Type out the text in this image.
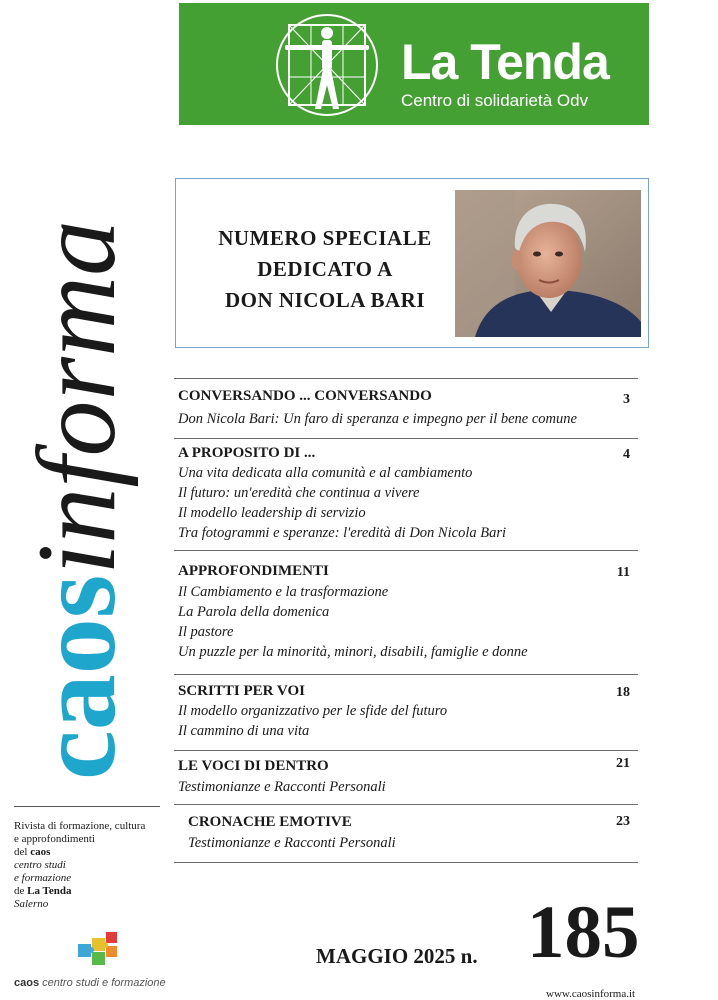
La Tenda
Centro di solidarietà Odv
caosinforma	NUMERO SPECIALE
DEDICATO A
DON NICOLA BARI
CONVERSANDO ... CONVERSANDO	3
Don Nicola Bari: Un faro di speranza e impegno per il bene comune
A PROPOSITO DI ...	4
Una vita dedicata alla comunità e al cambiamento
Il futuro: un'eredità che continua a vivere
Il modello leadership di servizio
Tra fotogrammi e speranze: l'eredità di Don Nicola Bari
APPROFONDIMENTI	11
Il Cambiamento e la trasformazione
La Parola della domenica
Il pastore
Un puzzle per la minorità, minori, disabili, famiglie e donne
SCRITTI PER VOI	18
Il modello organizzativo per le sfide del futuro
Il cammino di una vita
LE VOCI DI DENTRO	21
Testimonianze e Racconti Personali
CRONACHE EMOTIVE	23
Testimonianze e Racconti Personali
Rivista di formazione, cultura
e approfondimenti
del caos
centro studi
e formazione
de La Tenda
Salerno
caos centro studi e formazione
MAGGIO 2025 n. 185
www.caosinforma.it
